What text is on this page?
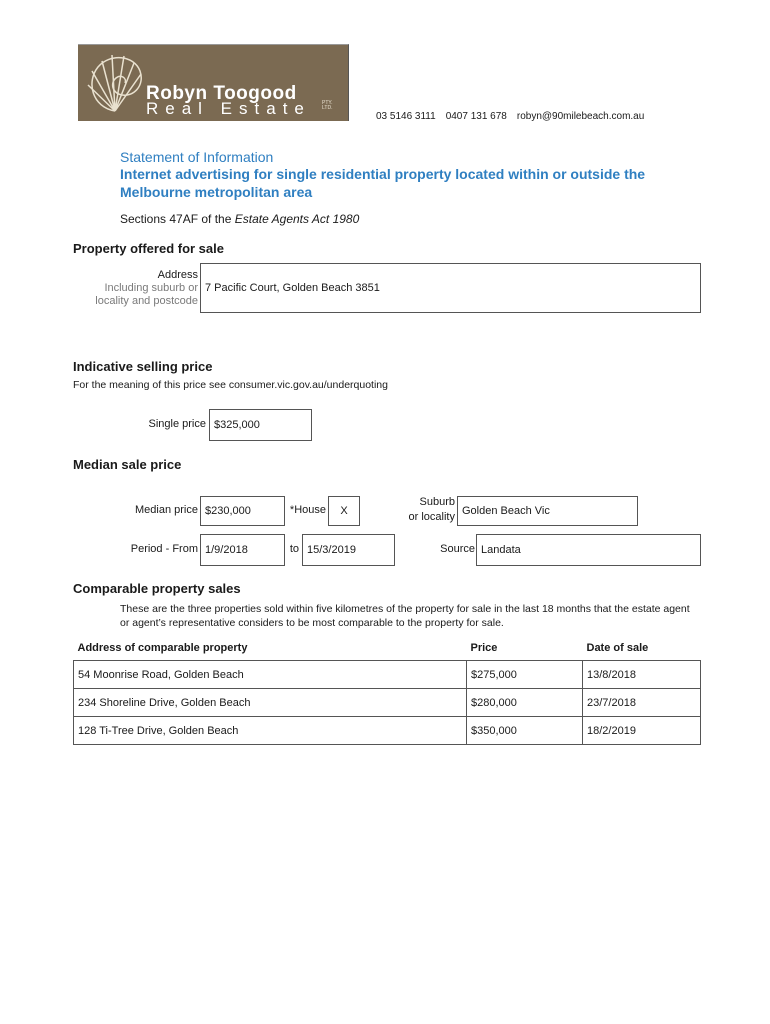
Robyn Toogood
Real Estate PTY. LTD.
03 5146 3111 0407 131 678 robyn@90milebeach.com.au
Statement of Information
Internet advertising for single residential property located within or outside the Melbourne metropolitan area
Sections 47AF of the Estate Agents Act 1980
Property offered for sale
Address
Including suburb or
locality and postcode
7 Pacific Court, Golden Beach 3851
Indicative selling price
For the meaning of this price see consumer.vic.gov.au/underquoting
Single price $325,000
Median sale price
Median price $230,000	*House	X
Suburb
or locality Golden Beach Vic
Period - From 1/9/2018	to 15/3/2019	Source Landata
Comparable property sales
These are the three properties sold within five kilometres of the property for sale in the last 18 months that the estate agent or agent’s representative considers to be most comparable to the property for sale.
Address of comparable property	Price	Date of sale
54 Moonrise Road, Golden Beach	$275,000	13/8/2018
234 Shoreline Drive, Golden Beach	$280,000	23/7/2018
128 Ti-Tree Drive, Golden Beach	$350,000	18/2/2019
